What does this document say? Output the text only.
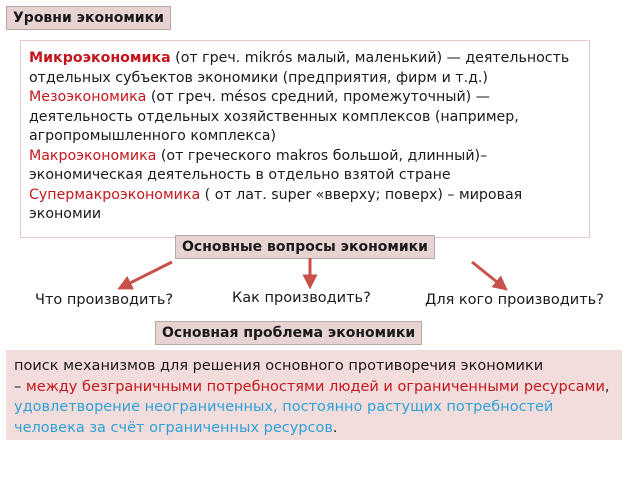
Уровни экономики
Микроэкономика (от греч. mikrós малый, маленький) — деятельность отдельных субъектов экономики (предприятия, фирм и т.д.)
Мезоэкономика (от греч. mésos средний, промежуточный) — деятельность отдельных хозяйственных комплексов (например, агропромышленного комплекса)
Макроэкономика (от греческого makros большой, длинный)– экономическая деятельность в отдельно взятой стране
Супермакроэкономика ( от лат. super «вверху; поверх) – мировая экономии
Основные вопросы экономики
Что производить?	Как производить?	Для кого производить?
Основная проблема экономики
поиск механизмов для решения основного противоречия экономики
– между безграничными потребностями людей и ограниченными ресурсами, удовлетворение неограниченных, постоянно растущих потребностей человека за счёт ограниченных ресурсов.
